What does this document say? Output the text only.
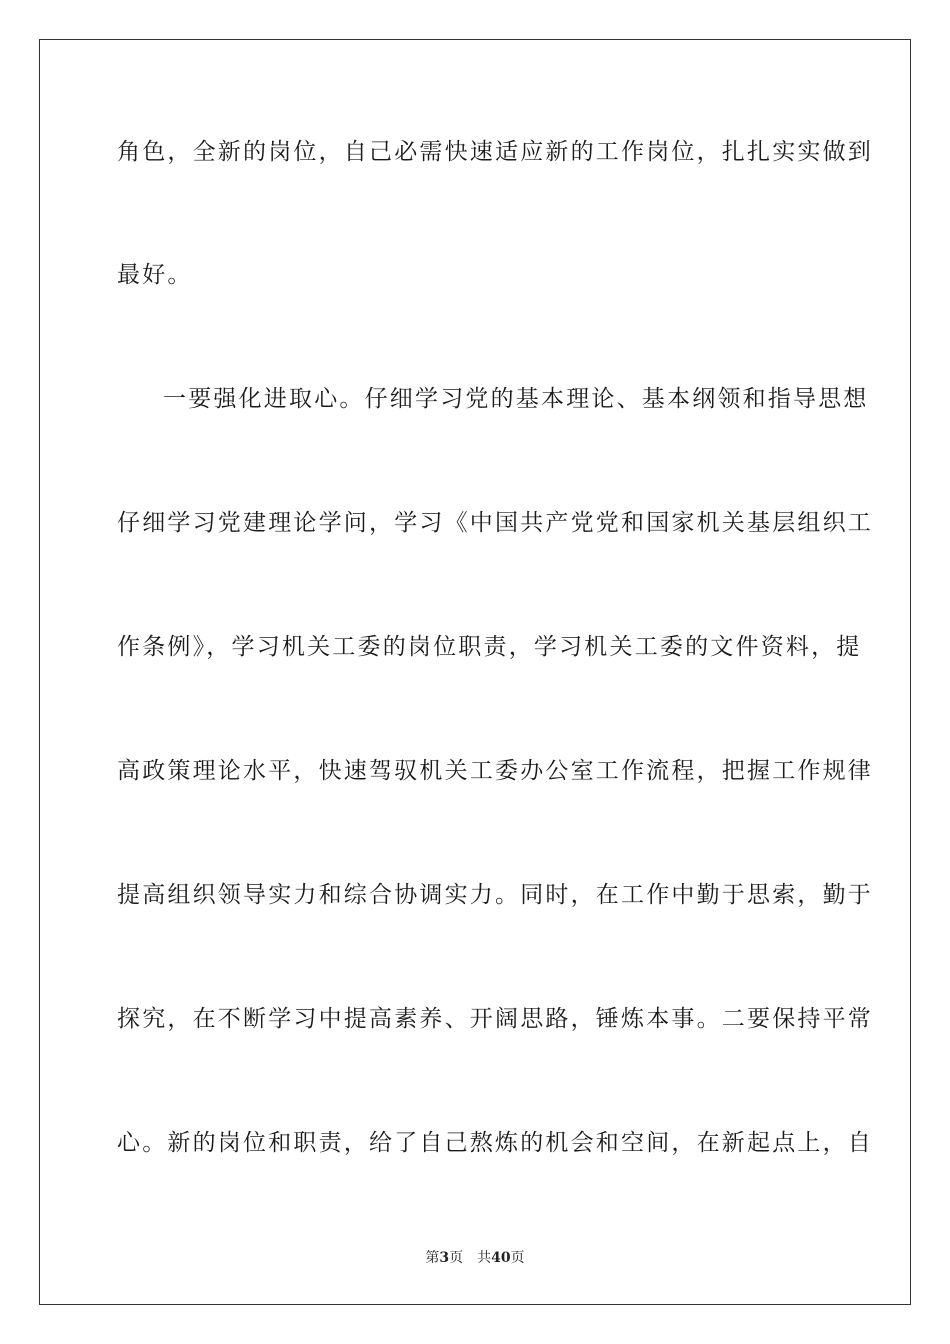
角色，全新的岗位，自己必需快速适应新的工作岗位，扎扎实实做到
最好。
一要强化进取心。仔细学习党的基本理论、基本纲领和指导思想
仔细学习党建理论学问，学习《中国共产党党和国家机关基层组织工
作条例》，学习机关工委的岗位职责，学习机关工委的文件资料，提
高政策理论水平，快速驾驭机关工委办公室工作流程，把握工作规律
提高组织领导实力和综合协调实力。同时，在工作中勤于思索，勤于
探究，在不断学习中提高素养、开阔思路，锤炼本事。二要保持平常
心。新的岗位和职责，给了自己熬炼的机会和空间，在新起点上，自
第3页 共40页
